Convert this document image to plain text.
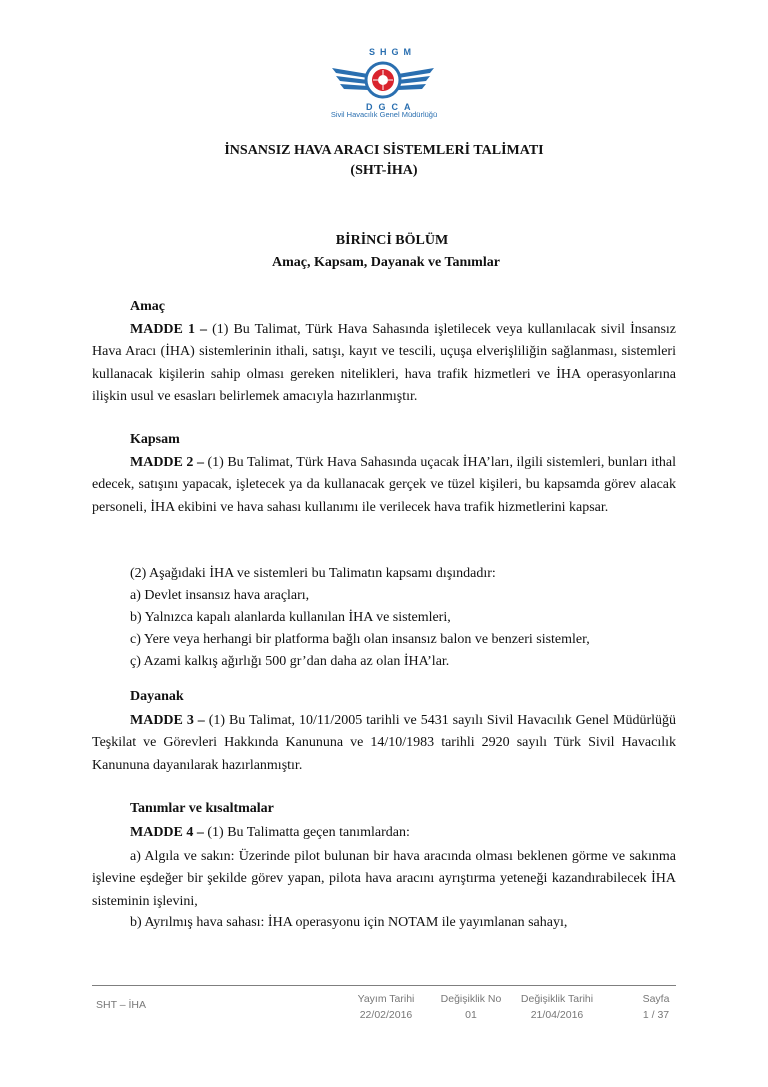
SHGM
DGCA
Sivil Havacılık Genel Müdürlüğü
İNSANSIZ HAVA ARACI SİSTEMLERİ TALİMATI
(SHT-İHA)
BİRİNCİ BÖLÜM
Amaç, Kapsam, Dayanak ve Tanımlar
Amaç

MADDE 1 – (1) Bu Talimat, Türk Hava Sahasında işletilecek veya kullanılacak sivil İnsansız Hava Aracı (İHA) sistemlerinin ithali, satışı, kayıt ve tescili, uçuşa elverişliliğin sağlanması, sistemleri kullanacak kişilerin sahip olması gereken nitelikleri, hava trafik hizmetleri ve İHA operasyonlarına ilişkin usul ve esasları belirlemek amacıyla hazırlanmıştır.

Kapsam

MADDE 2 – (1) Bu Talimat, Türk Hava Sahasında uçacak İHA’ları, ilgili sistemleri, bunları ithal edecek, satışını yapacak, işletecek ya da kullanacak gerçek ve tüzel kişileri, bu kapsamda görev alacak personeli, İHA ekibini ve hava sahası kullanımı ile verilecek hava trafik hizmetlerini kapsar.

(2) Aşağıdaki İHA ve sistemleri bu Talimatın kapsamı dışındadır:
a) Devlet insansız hava araçları,
b) Yalnızca kapalı alanlarda kullanılan İHA ve sistemleri,
c) Yere veya herhangi bir platforma bağlı olan insansız balon ve benzeri sistemler,
ç) Azami kalkış ağırlığı 500 gr’dan daha az olan İHA’lar.
Dayanak

MADDE 3 – (1) Bu Talimat, 10/11/2005 tarihli ve 5431 sayılı Sivil Havacılık Genel Müdürlüğü Teşkilat ve Görevleri Hakkında Kanununa ve 14/10/1983 tarihli 2920 sayılı Türk Sivil Havacılık Kanununa dayanılarak hazırlanmıştır.

Tanımlar ve kısaltmalar

MADDE 4 – (1) Bu Talimatta geçen tanımlardan:

a) Algıla ve sakın: Üzerinde pilot bulunan bir hava aracında olması beklenen görme ve sakınma işlevine eşdeğer bir şekilde görev yapan, pilota hava aracını ayrıştırma yeteneği kazandırabilecek İHA sisteminin işlevini,

b) Ayrılmış hava sahası: İHA operasyonu için NOTAM ile yayımlanan sahayı,

SHT – İHA	Yayım Tarihi
22/02/2016
Değişiklik No
01
Değişiklik Tarihi
21/04/2016
Sayfa
1 / 37
